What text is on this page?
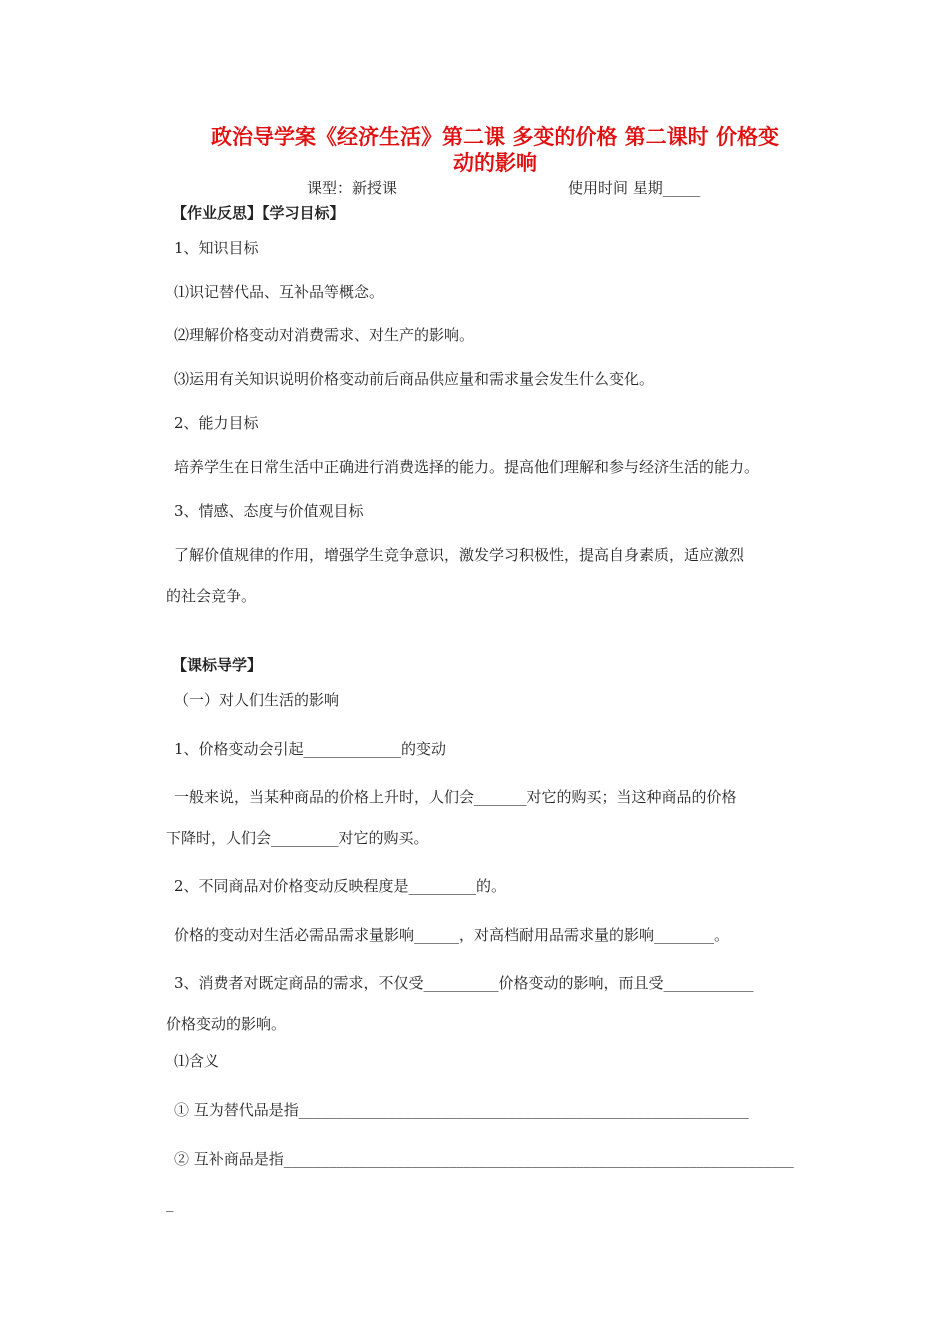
政治导学案《经济生活》第二课 多变的价格 第二课时 价格变
动的影响
课型：新授课	使用时间 星期_____
【作业反思】【学习目标】
1、知识目标
⑴识记替代品、互补品等概念。
⑵理解价格变动对消费需求、对生产的影响。
⑶运用有关知识说明价格变动前后商品供应量和需求量会发生什么变化。
2、能力目标
培养学生在日常生活中正确进行消费选择的能力。提高他们理解和参与经济生活的能力。
3、情感、态度与价值观目标
了解价值规律的作用，增强学生竞争意识，激发学习积极性，提高自身素质，适应激烈
的社会竞争。
【课标导学】
（一）对人们生活的影响
1、价格变动会引起_____________的变动
一般来说，当某种商品的价格上升时，人们会_______对它的购买；当这种商品的价格
下降时，人们会_________对它的购买。
2、不同商品对价格变动反映程度是_________的。
价格的变动对生活必需品需求量影响______，对高档耐用品需求量的影响________。
3、消费者对既定商品的需求，不仅受__________价格变动的影响，而且受____________
价格变动的影响。
⑴含义
① 互为替代品是指____________________________________________________________
② 互补商品是指____________________________________________________________________
_
